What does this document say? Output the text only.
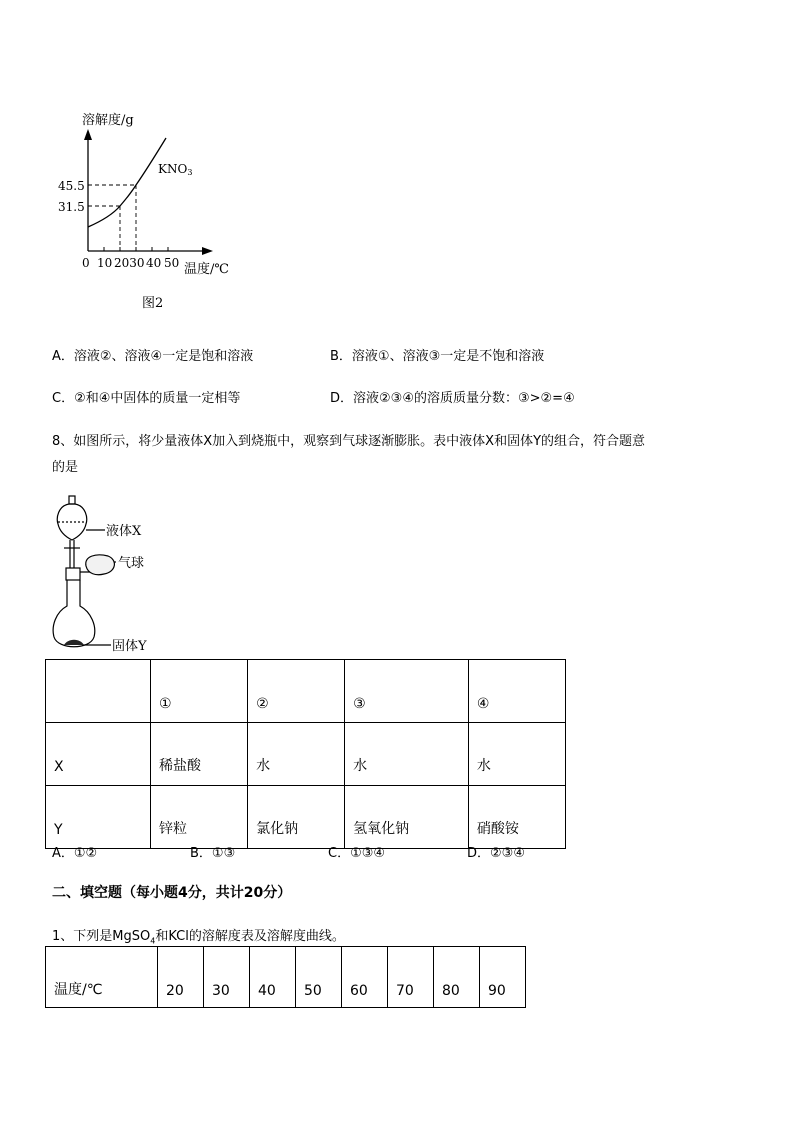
溶解度/g
KNO3
45.5
31.5
0 10 2030 40 50 温度/℃
图2
A．溶液②、溶液④一定是饱和溶液	B．溶液①、溶液③一定是不饱和溶液
C．②和④中固体的质量一定相等	D．溶液②③④的溶质质量分数：③>②=④
8、如图所示，将少量液体X加入到烧瓶中，观察到气球逐渐膨胀。表中液体X和固体Y的组合，符合题意
的是
液体X
气球
固体Y
	①	②	③	④
X	稀盐酸	水	水	水
Y	锌粒	氯化钠	氢氧化钠	硝酸铵
A．①②	B．①③	C．①③④	D．②③④
二、填空题（每小题4分，共计20分）
1、下列是MgSO$_4$和KCl的溶解度表及溶解度曲线。
温度/℃	20	30	40	50	60	70	80	90
